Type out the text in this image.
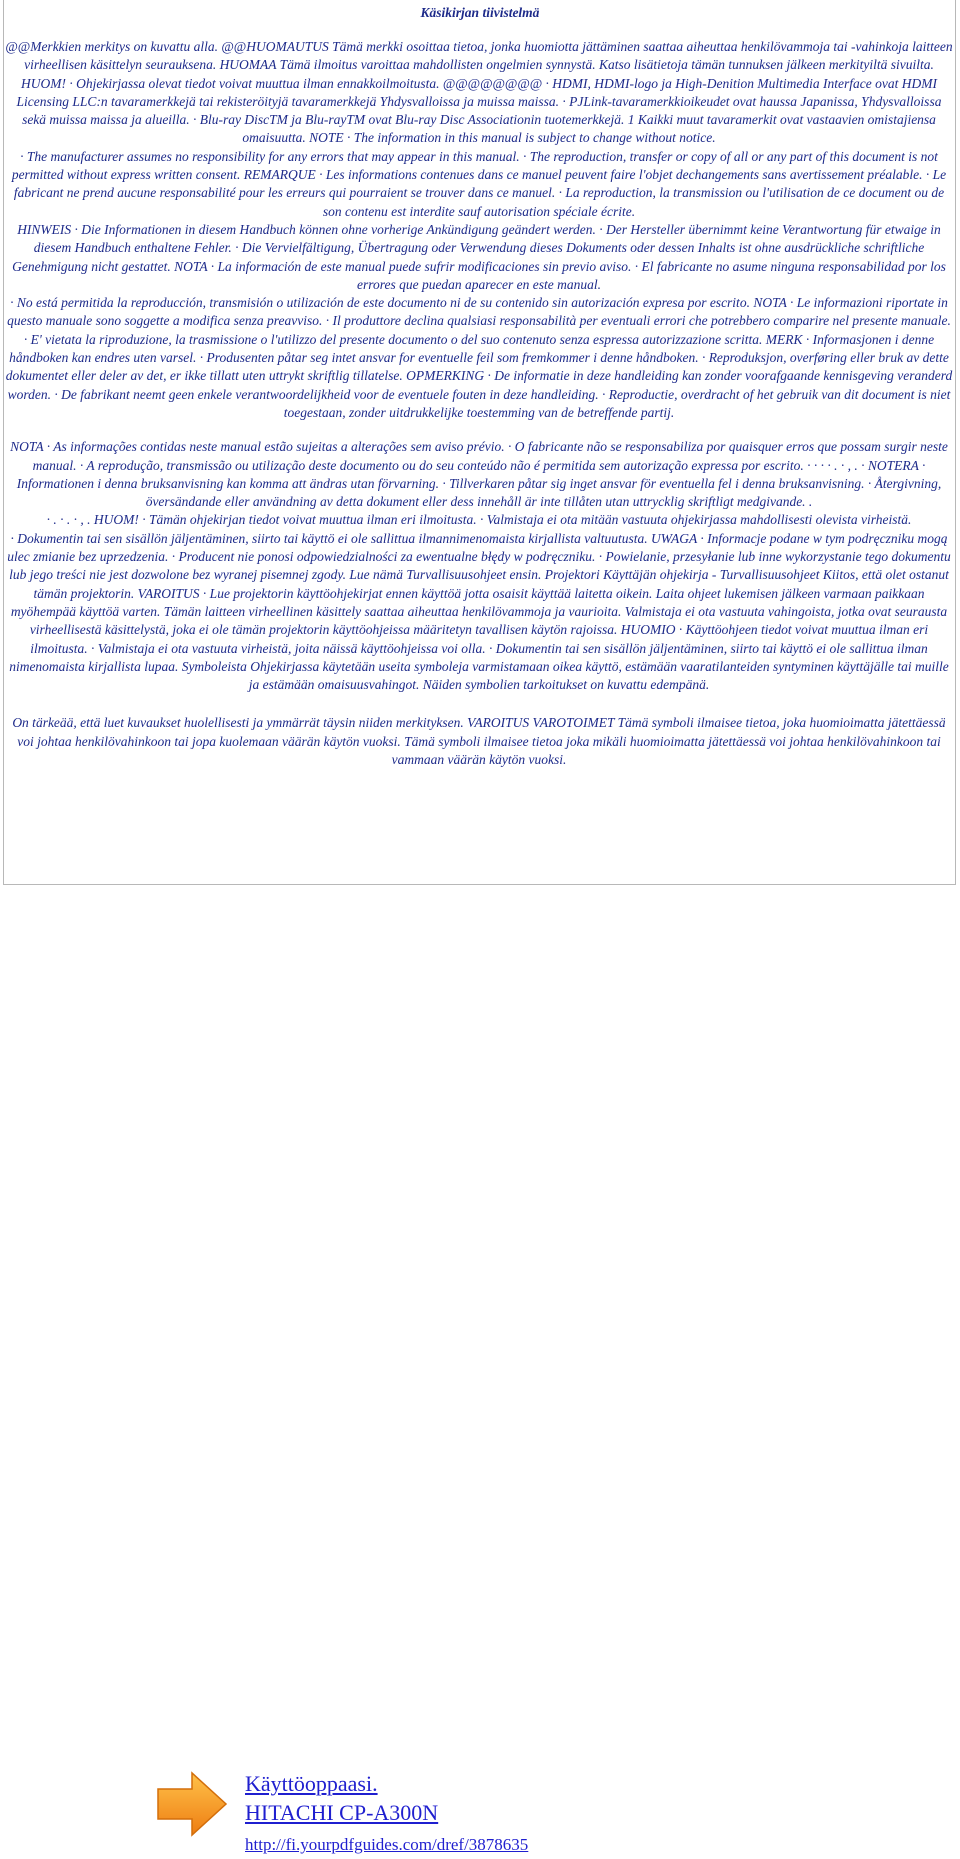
Käsikirjan tiivistelmä

@@Merkkien merkitys on kuvattu alla. @@HUOMAUTUS Tämä merkki osoittaa tietoa, jonka huomiotta jättäminen saattaa aiheuttaa henkilövammoja tai -vahinkoja laitteen virheellisen käsittelyn seurauksena. HUOMAA Tämä ilmoitus varoittaa mahdollisten ongelmien synnystä. Katso lisätietoja tämän tunnuksen jälkeen merkityiltä sivuilta. HUOM! · Ohjekirjassa olevat tiedot voivat muuttua ilman ennakkoilmoitusta. @@@@@@@@ · HDMI, HDMI-logo ja High-Denition Multimedia Interface ovat HDMI Licensing LLC:n tavaramerkkejä tai rekisteröityjä tavaramerkkejä Yhdysvalloissa ja muissa maissa. · PJLink-tavaramerkkioikeudet ovat haussa Japanissa, Yhdysvalloissa sekä muissa maissa ja alueilla. · Blu-ray DiscTM ja Blu-rayTM ovat Blu-ray Disc Associationin tuotemerkkejä. 1 Kaikki muut tavaramerkit ovat vastaavien omistajiensa omaisuutta. NOTE · The information in this manual is subject to change without notice.

· The manufacturer assumes no responsibility for any errors that may appear in this manual. · The reproduction, transfer or copy of all or any part of this document is not permitted without express written consent. REMARQUE · Les informations contenues dans ce manuel peuvent faire l'objet dechangements sans avertissement préalable. · Le fabricant ne prend aucune responsabilité pour les erreurs qui pourraient se trouver dans ce manuel. · La reproduction, la transmission ou l'utilisation de ce document ou de son contenu est interdite sauf autorisation spéciale écrite.

HINWEIS · Die Informationen in diesem Handbuch können ohne vorherige Ankündigung geändert werden. · Der Hersteller übernimmt keine Verantwortung für etwaige in diesem Handbuch enthaltene Fehler. · Die Vervielfältigung, Übertragung oder Verwendung dieses Dokuments oder dessen Inhalts ist ohne ausdrückliche schriftliche Genehmigung nicht gestattet. NOTA · La información de este manual puede sufrir modificaciones sin previo aviso. · El fabricante no asume ninguna responsabilidad por los errores que puedan aparecer en este manual.

· No está permitida la reproducción, transmisión o utilización de este documento ni de su contenido sin autorización expresa por escrito. NOTA · Le informazioni riportate in questo manuale sono soggette a modifica senza preavviso. · Il produttore declina qualsiasi responsabilità per eventuali errori che potrebbero comparire nel presente manuale. · E' vietata la riproduzione, la trasmissione o l'utilizzo del presente documento o del suo contenuto senza espressa autorizzazione scritta. MERK · Informasjonen i denne håndboken kan endres uten varsel. · Produsenten påtar seg intet ansvar for eventuelle feil som fremkommer i denne håndboken. · Reproduksjon, overføring eller bruk av dette dokumentet eller deler av det, er ikke tillatt uten uttrykt skriftlig tillatelse. OPMERKING · De informatie in deze handleiding kan zonder voorafgaande kennisgeving veranderd worden. · De fabrikant neemt geen enkele verantwoordelijkheid voor de eventuele fouten in deze handleiding. · Reproductie, overdracht of het gebruik van dit document is niet toegestaan, zonder uitdrukkelijke toestemming van de betreffende partij.

NOTA · As informações contidas neste manual estão sujeitas a alterações sem aviso prévio. · O fabricante não se responsabiliza por quaisquer erros que possam surgir neste manual. · A reprodução, transmissão ou utilização deste documento ou do seu conteúdo não é permitida sem autorização expressa por escrito. · · · · . · , . · NOTERA · Informationen i denna bruksanvisning kan komma att ändras utan förvarning. · Tillverkaren påtar sig inget ansvar för eventuella fel i denna bruksanvisning. · Återgivning, översändande eller användning av detta dokument eller dess innehåll är inte tillåten utan uttrycklig skriftligt medgivande. .

· . · . · , . HUOM! · Tämän ohjekirjan tiedot voivat muuttua ilman eri ilmoitusta. · Valmistaja ei ota mitään vastuuta ohjekirjassa mahdollisesti olevista virheistä.

· Dokumentin tai sen sisällön jäljentäminen, siirto tai käyttö ei ole sallittua ilmannimenomaista kirjallista valtuutusta. UWAGA · Informacje podane w tym podręczniku mogą ulec zmianie bez uprzedzenia. · Producent nie ponosi odpowiedzialności za ewentualne błędy w podręczniku. · Powielanie, przesyłanie lub inne wykorzystanie tego dokumentu lub jego treści nie jest dozwolone bez wyranej pisemnej zgody. Lue nämä Turvallisuusohjeet ensin. Projektori Käyttäjän ohjekirja - Turvallisuusohjeet Kiitos, että olet ostanut tämän projektorin. VAROITUS · Lue projektorin käyttöohjekirjat ennen käyttöä jotta osaisit käyttää laitetta oikein. Laita ohjeet lukemisen jälkeen varmaan paikkaan myöhempää käyttöä varten. Tämän laitteen virheellinen käsittely saattaa aiheuttaa henkilövammoja ja vaurioita. Valmistaja ei ota vastuuta vahingoista, jotka ovat seurausta virheellisestä käsittelystä, joka ei ole tämän projektorin käyttöohjeissa määritetyn tavallisen käytön rajoissa. HUOMIO · Käyttöohjeen tiedot voivat muuttua ilman eri ilmoitusta. · Valmistaja ei ota vastuuta virheistä, joita näissä käyttöohjeissa voi olla. · Dokumentin tai sen sisällön jäljentäminen, siirto tai käyttö ei ole sallittua ilman nimenomaista kirjallista lupaa. Symboleista Ohjekirjassa käytetään useita symboleja varmistamaan oikea käyttö, estämään vaaratilanteiden syntyminen käyttäjälle tai muille ja estämään omaisuusvahingot. Näiden symbolien tarkoitukset on kuvattu edempänä.

On tärkeää, että luet kuvaukset huolellisesti ja ymmärrät täysin niiden merkityksen. VAROITUS VAROTOIMET Tämä symboli ilmaisee tietoa, joka huomioimatta jätettäessä voi johtaa henkilövahinkoon tai jopa kuolemaan väärän käytön vuoksi. Tämä symboli ilmaisee tietoa joka mikäli huomioimatta jätettäessä voi johtaa henkilövahinkoon tai vammaan väärän käytön vuoksi.

Käyttöoppaasi.
HITACHI CP-A300N
http://fi.yourpdfguides.com/dref/3878635
